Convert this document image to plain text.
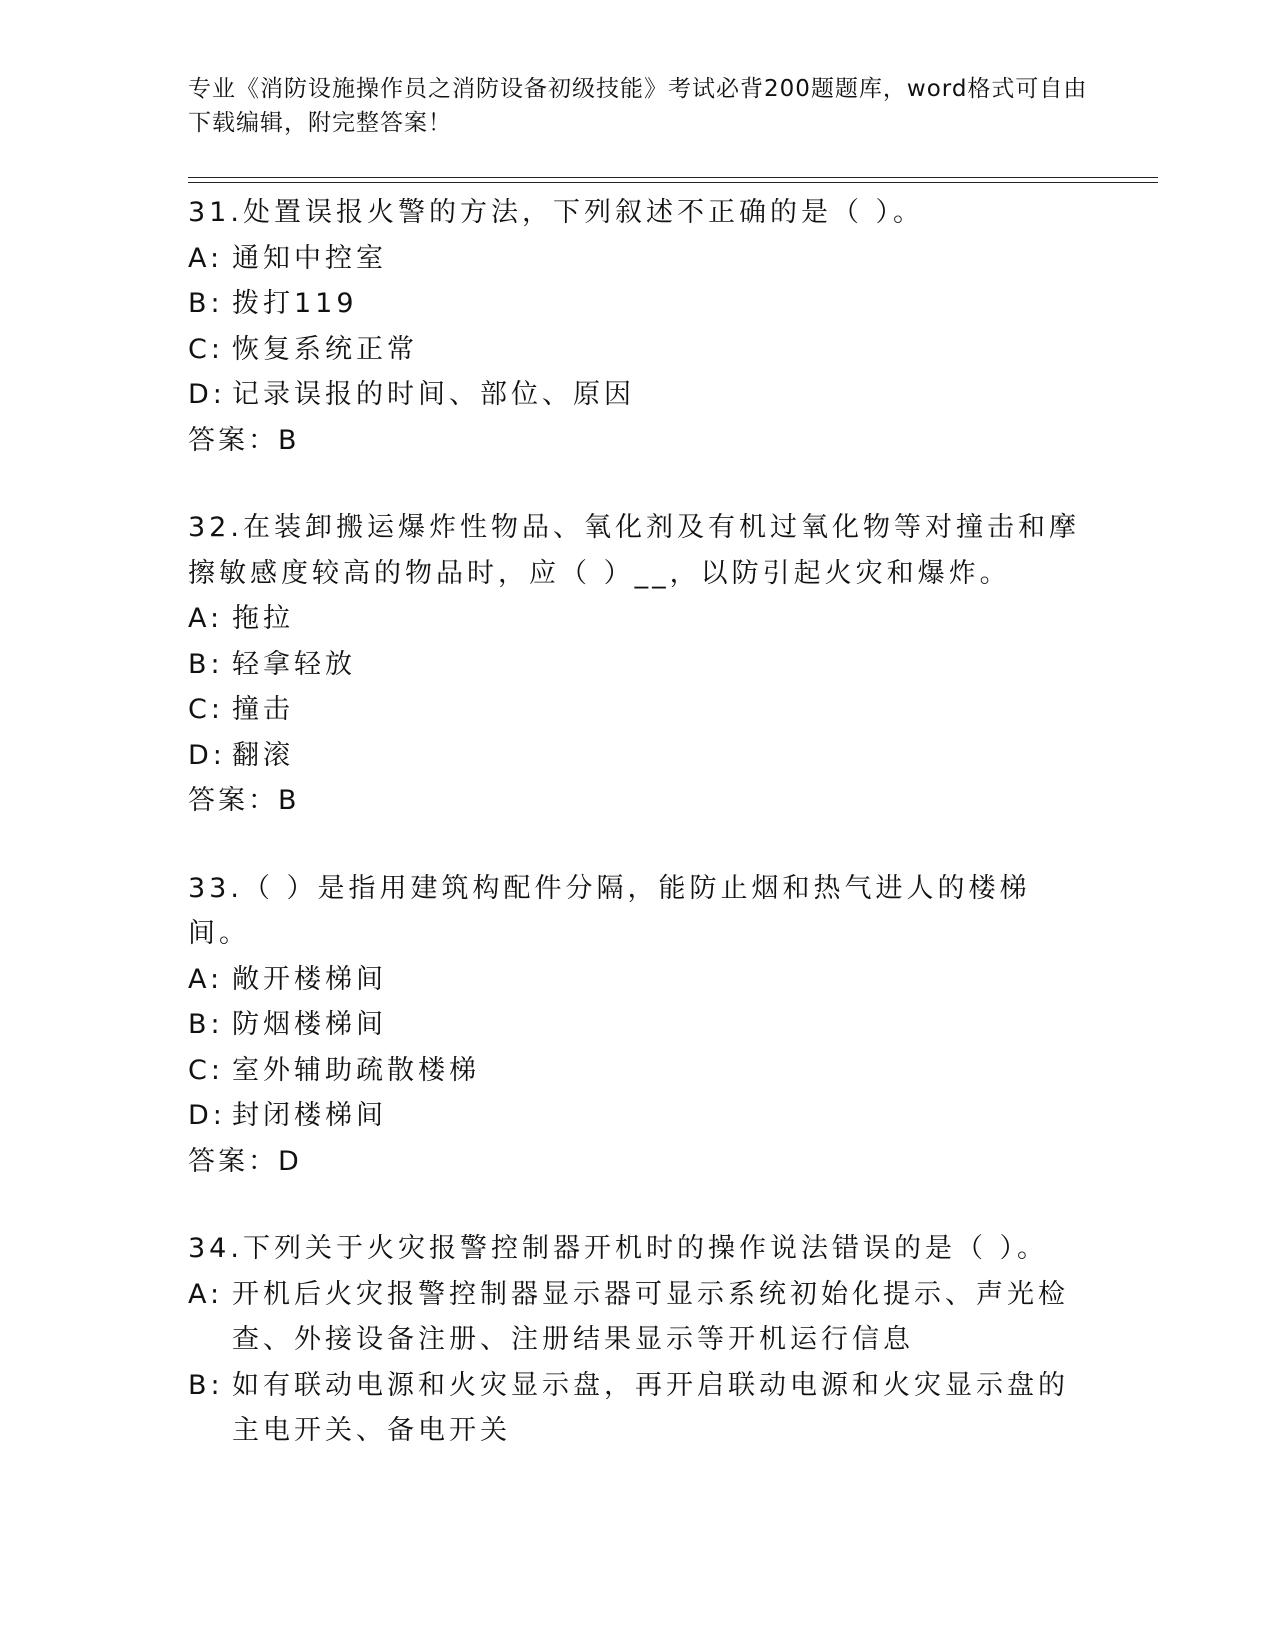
专业《消防设施操作员之消防设备初级技能》考试必背200题题库，word格式可自由下载编辑，附完整答案！
31.处置误报火警的方法，下列叙述不正确的是（ ）。
A: 通知中控室
B: 拨打119
C: 恢复系统正常
D: 记录误报的时间、部位、原因
答案：B
32.在装卸搬运爆炸性物品、氧化剂及有机过氧化物等对撞击和摩擦敏感度较高的物品时，应（ ）__，以防引起火灾和爆炸。
A: 拖拉
B: 轻拿轻放
C: 撞击
D: 翻滚
答案：B
33.（ ）是指用建筑构配件分隔，能防止烟和热气进人的楼梯间。
A: 敞开楼梯间
B: 防烟楼梯间
C: 室外辅助疏散楼梯
D: 封闭楼梯间
答案：D
34.下列关于火灾报警控制器开机时的操作说法错误的是（ ）。
A: 开机后火灾报警控制器显示器可显示系统初始化提示、声光检查、外接设备注册、注册结果显示等开机运行信息
B: 如有联动电源和火灾显示盘，再开启联动电源和火灾显示盘的主电开关、备电开关
